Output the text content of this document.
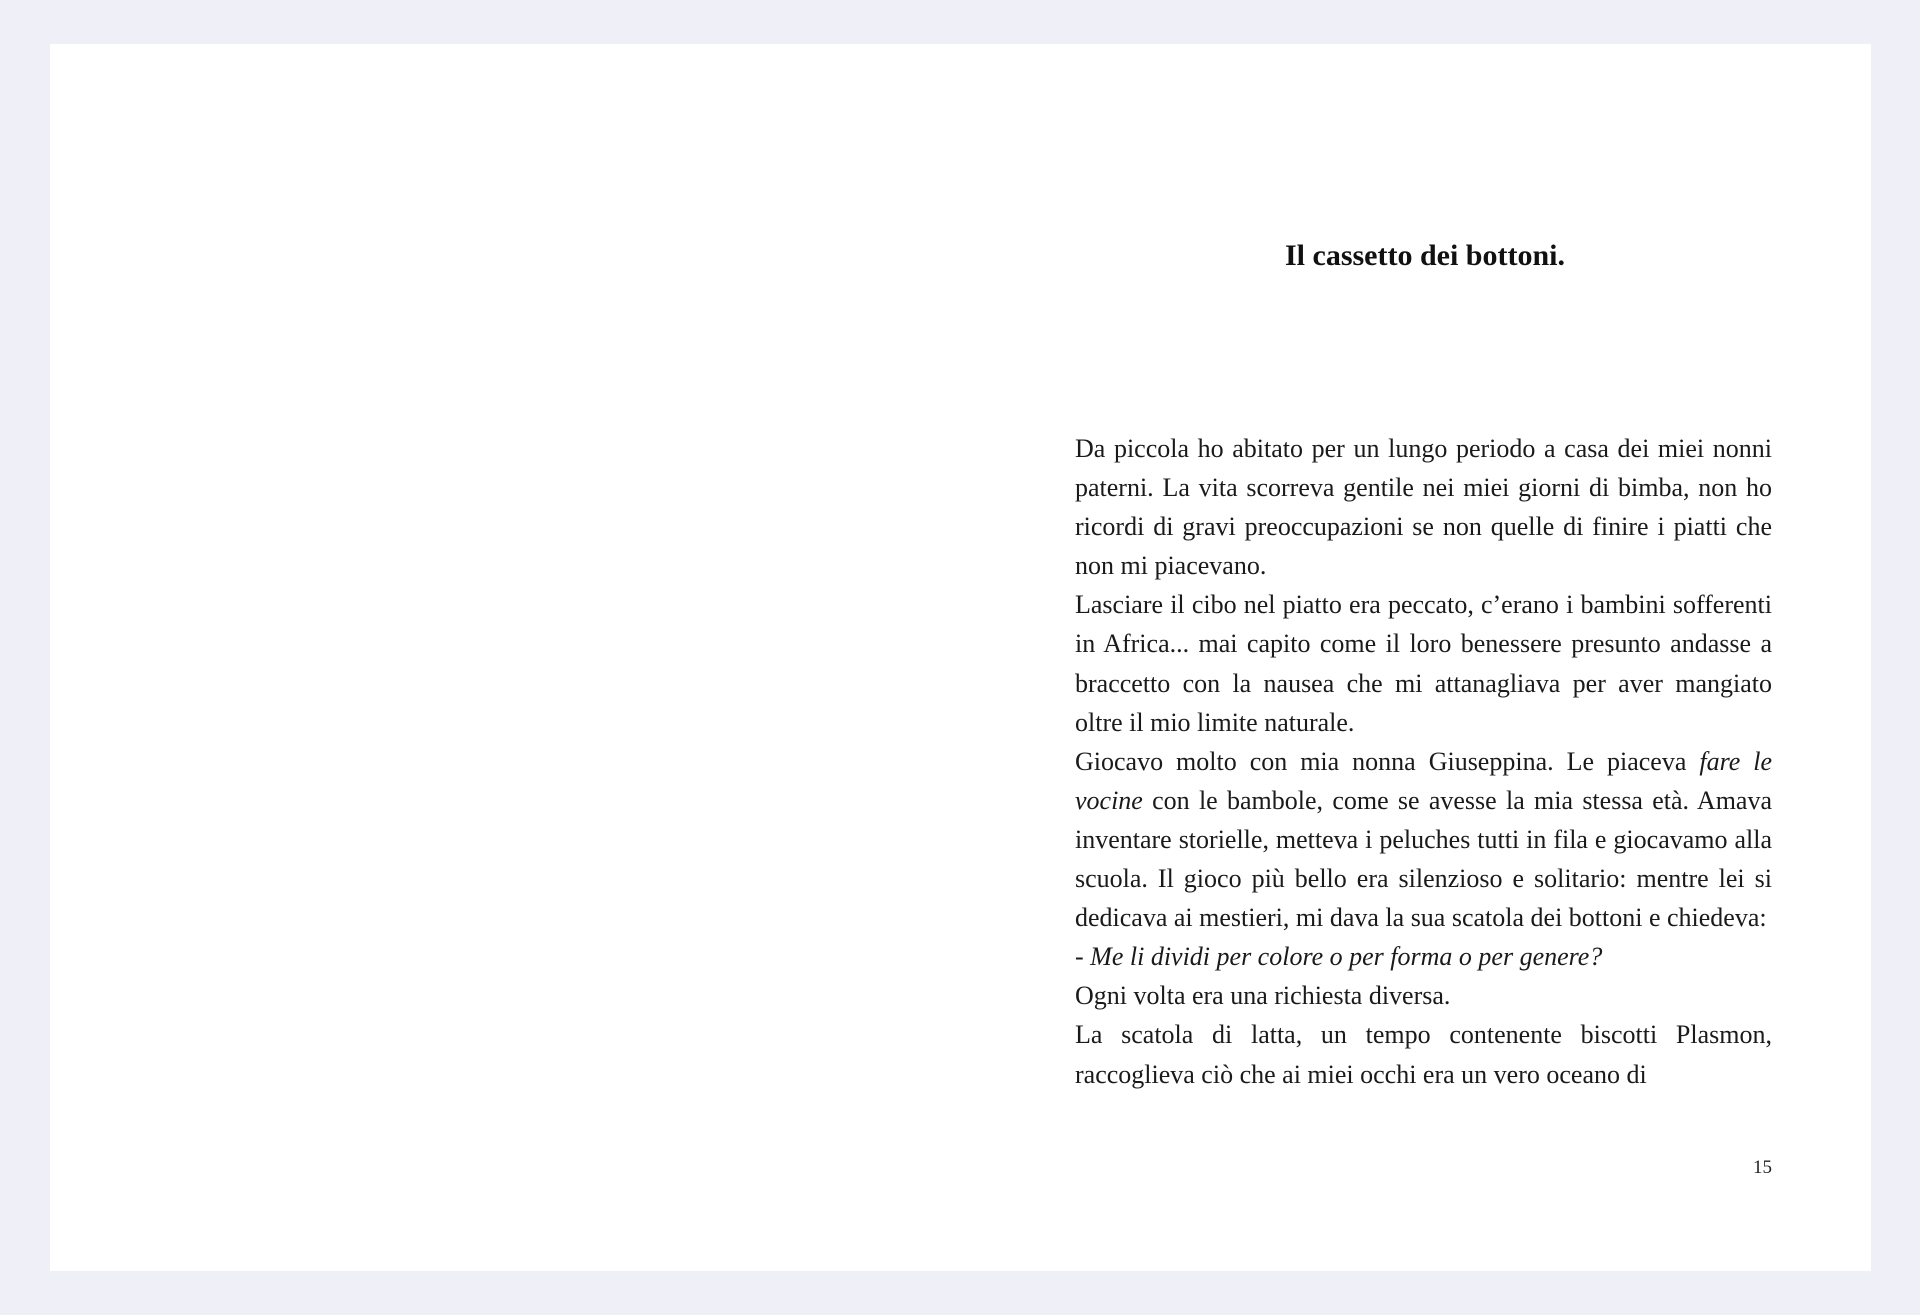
Il cassetto dei bottoni.

Da piccola ho abitato per un lungo periodo a casa dei miei nonni paterni. La vita scorreva gentile nei miei giorni di bimba, non ho ricordi di gravi preoccupazioni se non quelle di finire i piatti che non mi piacevano.

Lasciare il cibo nel piatto era peccato, c’erano i bambini sofferenti in Africa... mai capito come il loro benessere presunto andasse a braccetto con la nausea che mi attanagliava per aver mangiato oltre il mio limite naturale.

Giocavo molto con mia nonna Giuseppina. Le piaceva fare le vocine con le bambole, come se avesse la mia stessa età. Amava inventare storielle, metteva i peluches tutti in fila e giocavamo alla scuola. Il gioco più bello era silenzioso e solitario: mentre lei si dedicava ai mestieri, mi dava la sua scatola dei bottoni e chiedeva:

- Me li dividi per colore o per forma o per genere?

Ogni volta era una richiesta diversa.

La scatola di latta, un tempo contenente biscotti Plasmon, raccoglieva ciò che ai miei occhi era un vero oceano di

15
